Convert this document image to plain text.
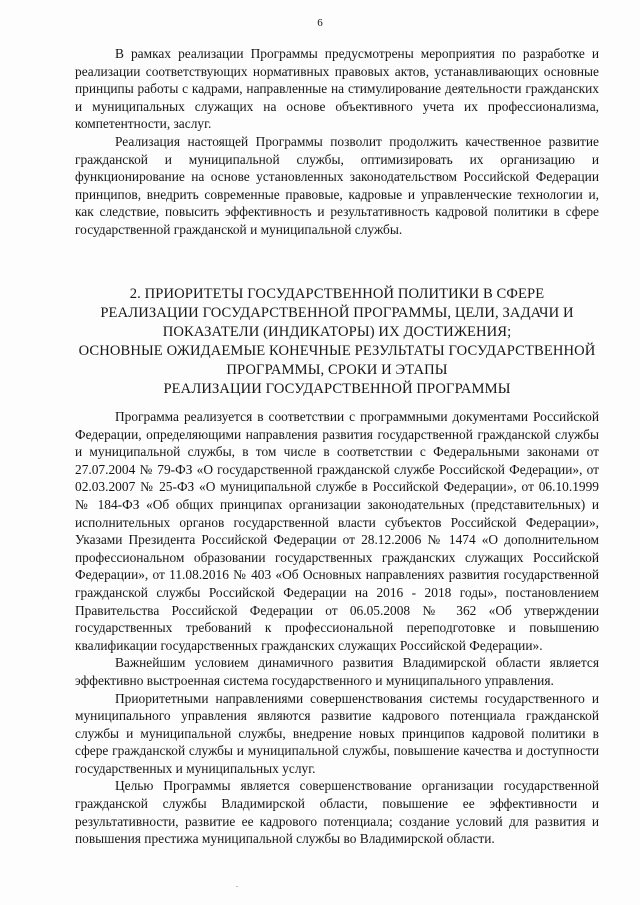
6

В рамках реализации Программы предусмотрены мероприятия по разработке и реализации соответствующих нормативных правовых актов, устанавливающих основные принципы работы с кадрами, направленные на стимулирование деятельности гражданских и муниципальных служащих на основе объективного учета их профессионализма, компетентности, заслуг.

Реализация настоящей Программы позволит продолжить качественное развитие гражданской и муниципальной службы, оптимизировать их организацию и функционирование на основе установленных законодательством Российской Федерации принципов, внедрить современные правовые, кадровые и управленческие технологии и, как следствие, повысить эффективность и результативность кадровой политики в сфере государственной гражданской и муниципальной службы.

2. ПРИОРИТЕТЫ ГОСУДАРСТВЕННОЙ ПОЛИТИКИ В СФЕРЕ
РЕАЛИЗАЦИИ ГОСУДАРСТВЕННОЙ ПРОГРАММЫ, ЦЕЛИ, ЗАДАЧИ И
ПОКАЗАТЕЛИ (ИНДИКАТОРЫ) ИХ ДОСТИЖЕНИЯ;
ОСНОВНЫЕ ОЖИДАЕМЫЕ КОНЕЧНЫЕ РЕЗУЛЬТАТЫ ГОСУДАРСТВЕННОЙ
ПРОГРАММЫ, СРОКИ И ЭТАПЫ
РЕАЛИЗАЦИИ ГОСУДАРСТВЕННОЙ ПРОГРАММЫ

Программа реализуется в соответствии с программными документами Российской Федерации, определяющими направления развития государственной гражданской службы и муниципальной службы, в том числе в соответствии с Федеральными законами от 27.07.2004 № 79-ФЗ «О государственной гражданской службе Российской Федерации», от 02.03.2007 № 25-ФЗ «О муниципальной службе в Российской Федерации», от 06.10.1999 № 184-ФЗ «Об общих принципах организации законодательных (представительных) и исполнительных органов государственной власти субъектов Российской Федерации», Указами Президента Российской Федерации от 28.12.2006 № 1474 «О дополнительном профессиональном образовании государственных гражданских служащих Российской Федерации», от 11.08.2016 № 403 «Об Основных направлениях развития государственной гражданской службы Российской Федерации на 2016 - 2018 годы», постановлением Правительства Российской Федерации от 06.05.2008 № 362 «Об утверждении государственных требований к профессиональной переподготовке и повышению квалификации государственных гражданских служащих Российской Федерации».

Важнейшим условием динамичного развития Владимирской области является эффективно выстроенная система государственного и муниципального управления.

Приоритетными направлениями совершенствования системы государственного и муниципального управления являются развитие кадрового потенциала гражданской службы и муниципальной службы, внедрение новых принципов кадровой политики в сфере гражданской службы и муниципальной службы, повышение качества и доступности государственных и муниципальных услуг.

Целью Программы является совершенствование организации государственной гражданской службы Владимирской области, повышение ее эффективности и результативности, развитие ее кадрового потенциала; создание условий для развития и повышения престижа муниципальной службы во Владимирской области.

.
